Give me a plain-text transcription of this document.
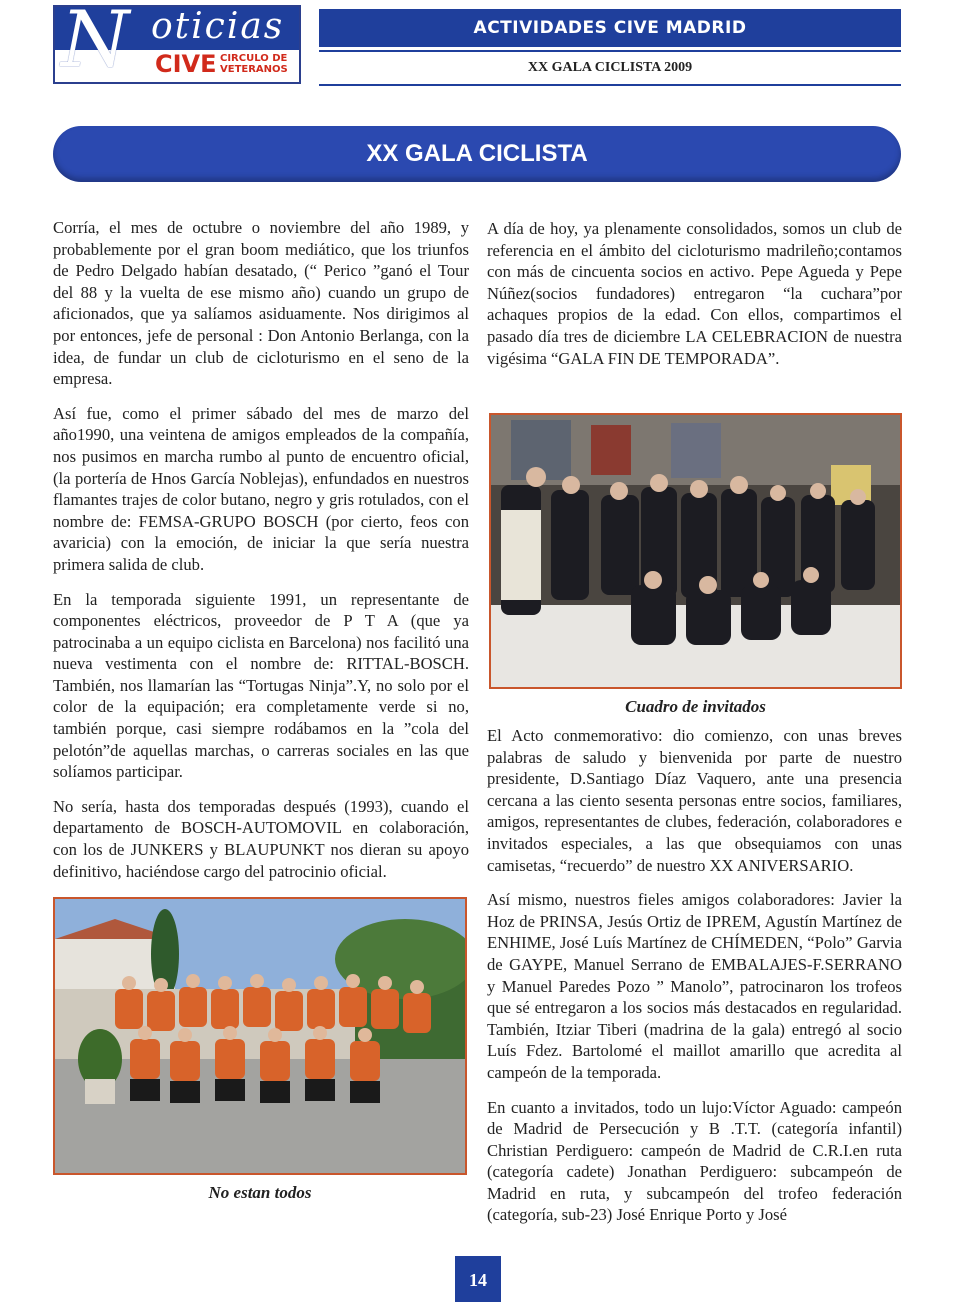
N oticias
CIVE CIRCULO DE VETERANOS
ACTIVIDADES CIVE MADRID
XX GALA CICLISTA 2009
XX GALA CICLISTA

Corría, el mes de octubre o noviembre del año 1989, y probablemente por el gran boom mediático, que los triunfos de Pedro Delgado habían desatado, (“ Perico ”ganó el Tour del 88 y la vuelta de ese mismo año) cuando un grupo de aficionados, que ya salíamos asiduamente. Nos dirigimos al por entonces, jefe de personal : Don Antonio Berlanga, con la idea, de fundar un club de cicloturismo en el seno de la empresa.

Así fue, como el primer sábado del mes de marzo del año1990, una veintena de amigos empleados de la compañía, nos pusimos en marcha rumbo al punto de encuentro oficial, (la portería de Hnos García Noblejas), enfundados en nuestros flamantes trajes de color butano, negro y gris rotulados, con el nombre de: FEMSA-GRUPO BOSCH (por cierto, feos con avaricia) con la emoción, de iniciar la que sería nuestra primera salida de club.

En la temporada siguiente 1991, un representante de componentes eléctricos, proveedor de P T A (que ya patrocinaba a un equipo ciclista en Barcelona) nos facilitó una nueva vestimenta con el nombre de: RITTAL-BOSCH. También, nos llamarían las “Tortugas Ninja”.Y, no solo por el color de la equipación; era completamente verde si no, también porque, casi siempre rodábamos en la ”cola del pelotón”de aquellas marchas, o carreras sociales en las que solíamos participar.

No sería, hasta dos temporadas después (1993), cuando el departamento de BOSCH-AUTOMOVIL en colaboración, con los de JUNKERS y BLAUPUNKT nos dieran su apoyo definitivo, haciéndose cargo del patrocinio oficial.

A día de hoy, ya plenamente consolidados, somos un club de referencia en el ámbito del cicloturismo madrileño;contamos con más de cincuenta socios en activo. Pepe Agueda y Pepe Núñez(socios fundadores) entregaron “la cuchara”por achaques propios de la edad. Con ellos, compartimos el pasado día tres de diciembre LA CELEBRACION de nuestra vigésima “GALA FIN DE TEMPORADA”.

Cuadro de invitados

El Acto conmemorativo: dio comienzo, con unas breves palabras de saludo y bienvenida por parte de nuestro presidente, D.Santiago Díaz Vaquero, ante una presencia cercana a las ciento sesenta personas entre socios, familiares, amigos, representantes de clubes, federación, colaboradores e invitados especiales, a las que obsequiamos con unas camisetas, “recuerdo” de nuestro XX ANIVERSARIO.

Así mismo, nuestros fieles amigos colaboradores: Javier la Hoz de PRINSA, Jesús Ortiz de IPREM, Agustín Martínez de ENHIME, José Luís Martínez de CHÍMEDEN, “Polo” Garvia de GAYPE, Manuel Serrano de EMBALAJES-F.SERRANO y Manuel Paredes Pozo ” Manolo”, patrocinaron los trofeos que sé entregaron a los socios más destacados en regularidad. También, Itziar Tiberi (madrina de la gala) entregó al socio Luís Fdez. Bartolomé el maillot amarillo que acredita al campeón de la temporada.

En cuanto a invitados, todo un lujo:Víctor Aguado: campeón de Madrid de Persecución y B .T.T. (categoría infantil) Christian Perdiguero: campeón de Madrid de C.R.I.en ruta (categoría cadete) Jonathan Perdiguero: subcampeón de Madrid en ruta, y subcampeón del trofeo federación (categoría, sub-23) José Enrique Porto y José

No estan todos
14
